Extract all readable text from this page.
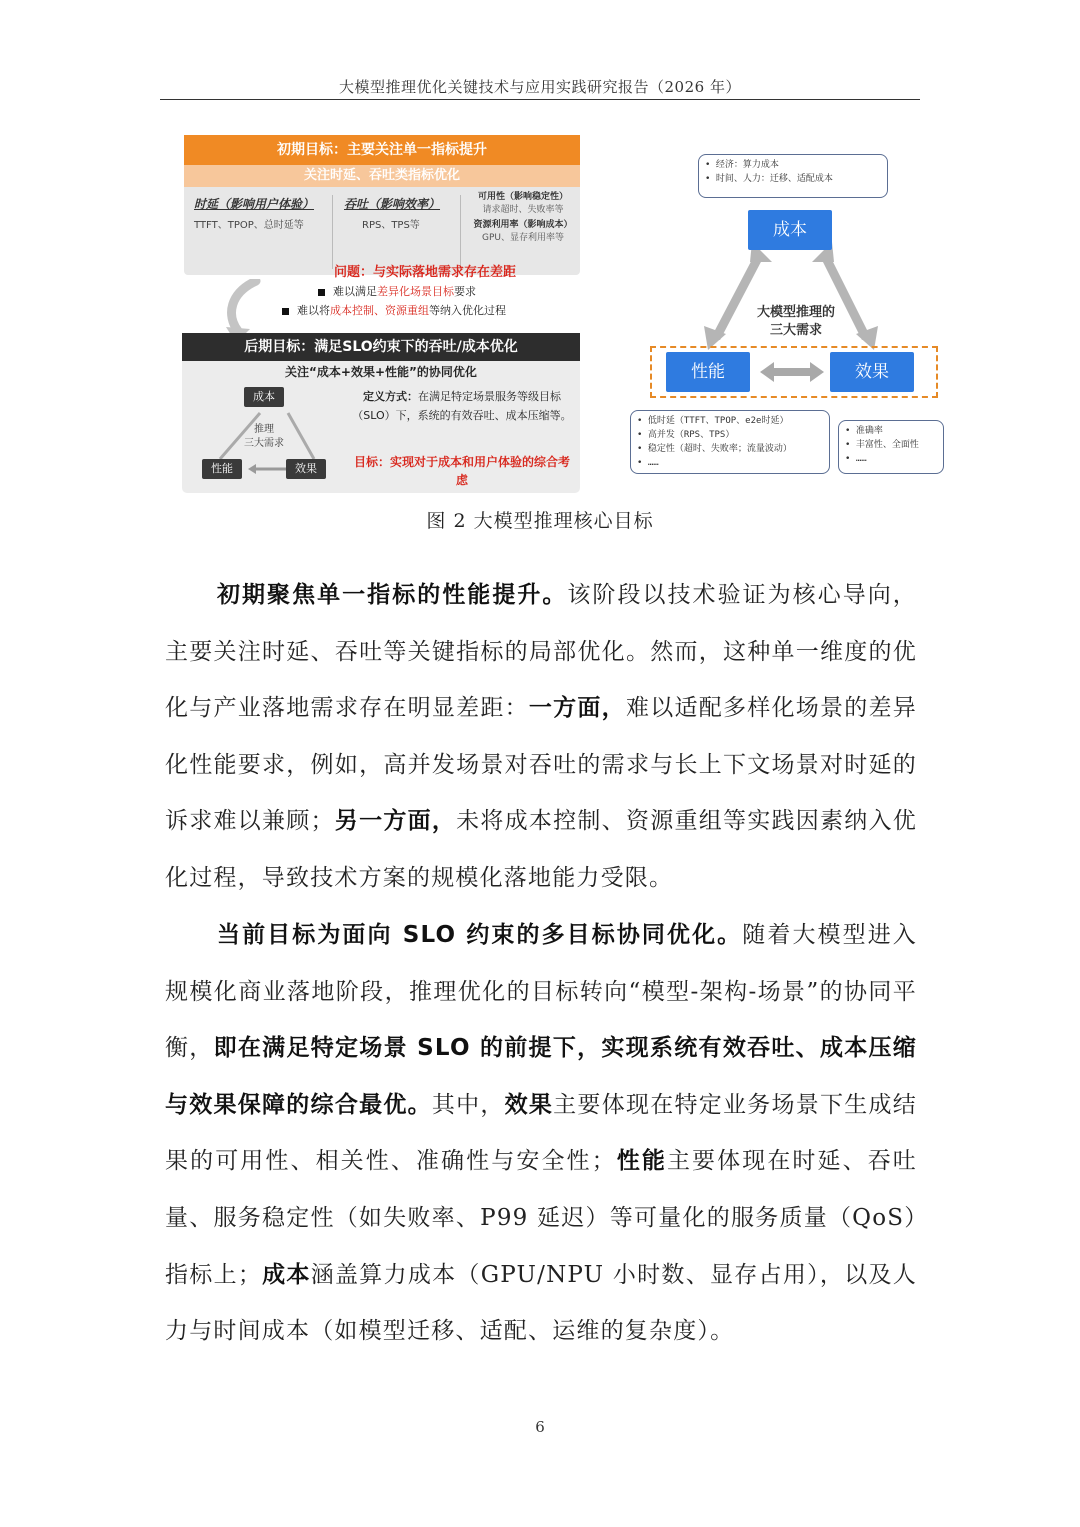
大模型推理优化关键技术与应用实践研究报告（2026 年）
初期目标：主要关注单一指标提升
关注时延、吞吐类指标优化
时延（影响用户体验）
TTFT、TPOP、总时延等
吞吐（影响效率）
RPS、TPS等
可用性（影响稳定性）
请求超时、失败率等
资源利用率（影响成本）
GPU、显存利用率等
问题：与实际落地需求存在差距
难以满足差异化场景目标要求
难以将成本控制、资源重组等纳入优化过程
后期目标：满足SLO约束下的吞吐/成本优化
关注“成本+效果+性能”的协同优化
成本
推理
三大需求
性能	效果
定义方式：在满足特定场景服务等级目标（SLO）下，系统的有效吞吐、成本压缩等。
目标：实现对于成本和用户体验的综合考虑
• 经济：算力成本
• 时间、人力：迁移、适配成本
成本
大模型推理的
三大需求
性能	效果
• 低时延（TTFT、TPOP、e2e时延）
• 高并发（RPS、TPS）
• 稳定性（超时、失败率；流量波动）
• ……
• 准确率
• 丰富性、全面性
• ……
图 2 大模型推理核心目标

初期聚焦单一指标的性能提升。该阶段以技术验证为核心导向，主要关注时延、吞吐等关键指标的局部优化。然而，这种单一维度的优化与产业落地需求存在明显差距：一方面，难以适配多样化场景的差异化性能要求，例如，高并发场景对吞吐的需求与长上下文场景对时延的诉求难以兼顾；另一方面，未将成本控制、资源重组等实践因素纳入优化过程，导致技术方案的规模化落地能力受限。

当前目标为面向 SLO 约束的多目标协同优化。随着大模型进入规模化商业落地阶段，推理优化的目标转向“模型-架构-场景”的协同平衡，即在满足特定场景 SLO 的前提下，实现系统有效吞吐、成本压缩与效果保障的综合最优。其中，效果主要体现在特定业务场景下生成结果的可用性、相关性、准确性与安全性；性能主要体现在时延、吞吐量、服务稳定性（如失败率、P99 延迟）等可量化的服务质量（QoS）指标上；成本涵盖算力成本（GPU/NPU 小时数、显存占用），以及人力与时间成本（如模型迁移、适配、运维的复杂度）。

6
